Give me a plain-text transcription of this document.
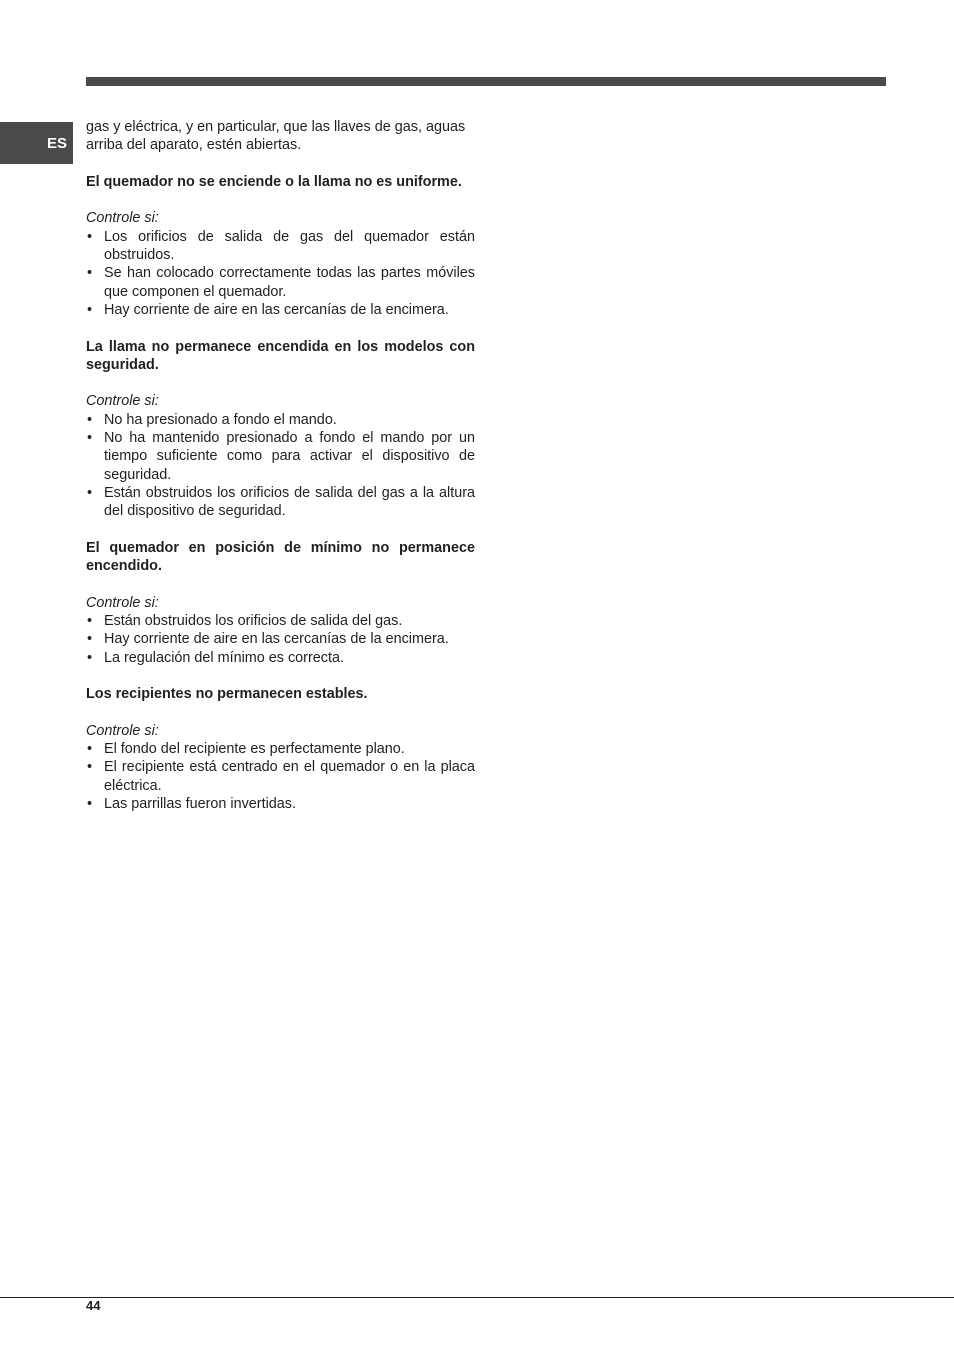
ES

gas y eléctrica, y en particular, que las llaves de gas, aguas arriba del aparato, estén abiertas.

El quemador no se enciende o la llama no es uniforme.

Controle si:

• Los orificios de salida de gas del quemador están obstruidos.
• Se han colocado correctamente todas las partes móviles que componen el quemador.
• Hay corriente de aire en las cercanías de la encimera.

La llama no permanece encendida en los modelos con seguridad.

Controle si:

• No ha presionado a fondo el mando.
• No ha mantenido presionado a fondo el mando por un tiempo suficiente como para activar el dispositivo de seguridad.
• Están obstruidos los orificios de salida del gas a la altura del dispositivo de seguridad.

El quemador en posición de mínimo no permanece encendido.

Controle si:

• Están obstruidos los orificios de salida del gas.
• Hay corriente de aire en las cercanías de la encimera.
• La regulación del mínimo es correcta.

Los recipientes no permanecen estables.

Controle si:

• El fondo del recipiente es perfectamente plano.
• El recipiente está centrado en el quemador o en la placa eléctrica.
• Las parrillas fueron invertidas.
44
